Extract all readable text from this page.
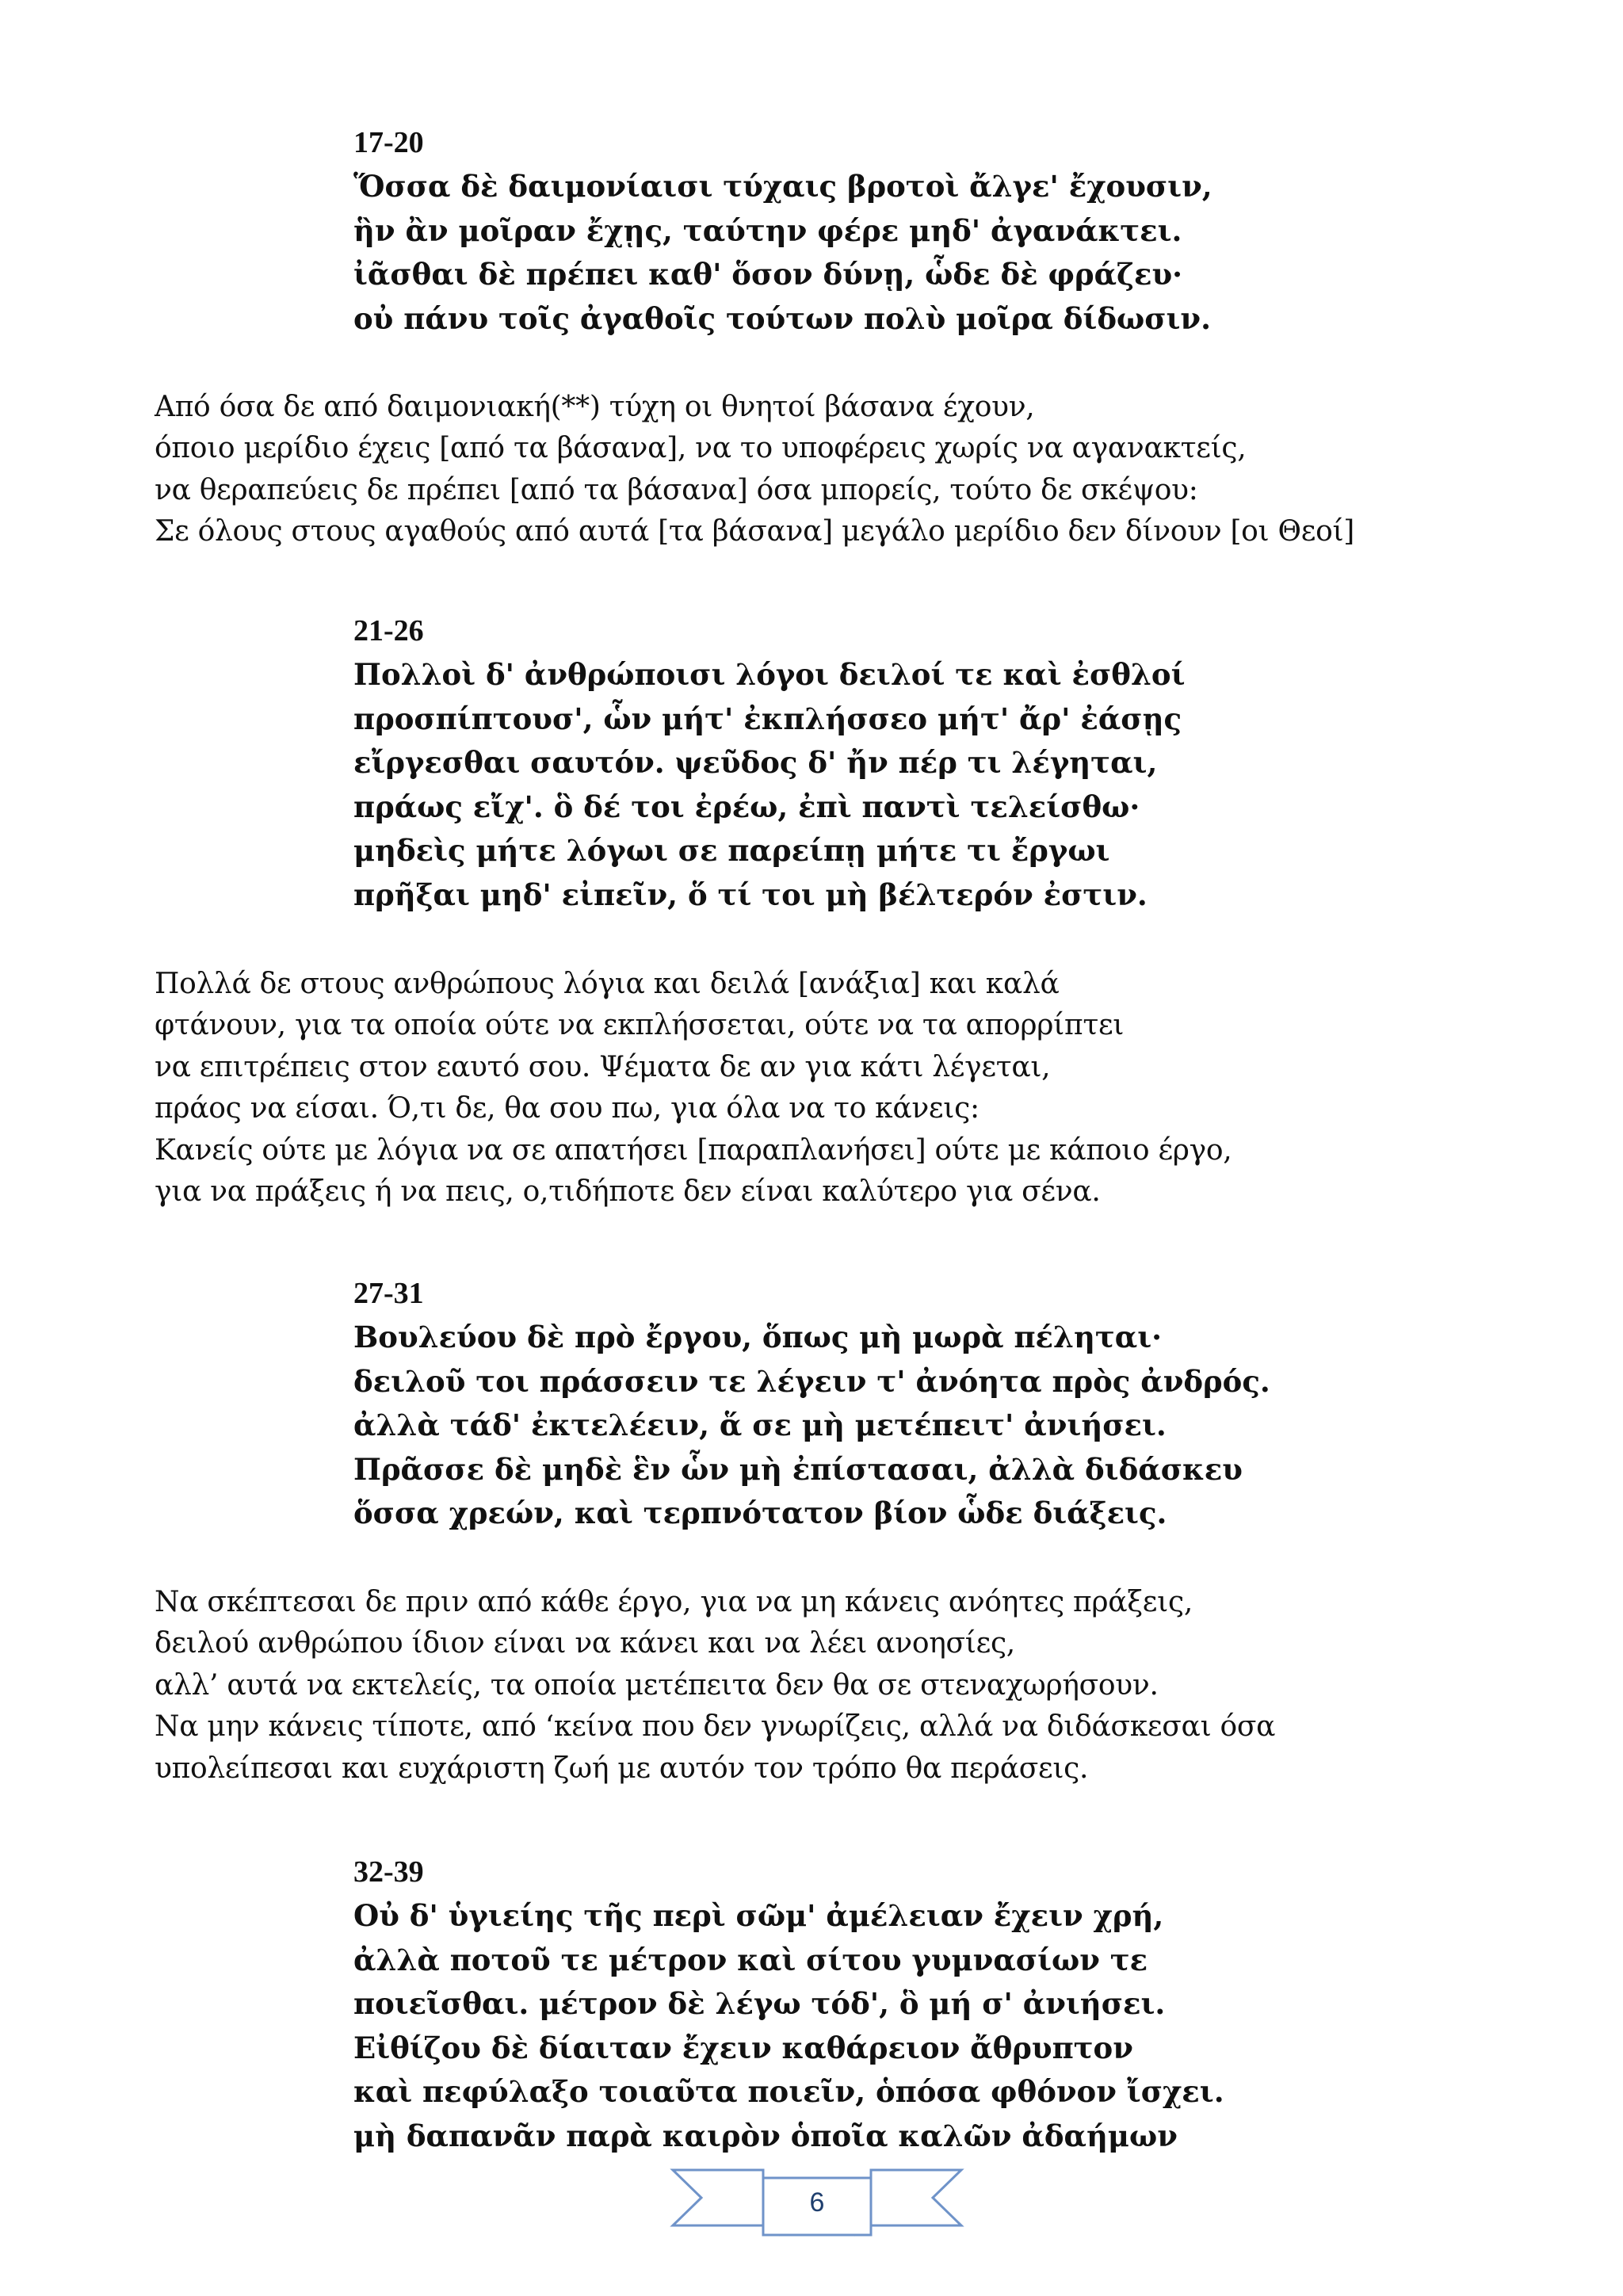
17-20
Ὅσσα δὲ δαιμονίαισι τύχαις βροτοὶ ἄλγε' ἔχουσιν,
ἣν ἂν μοῖραν ἔχῃς, ταύτην φέρε μηδ' ἀγανάκτει.
ἰᾶσθαι δὲ πρέπει καθ' ὅσον δύνῃ, ὧδε δὲ φράζευ·
οὐ πάνυ τοῖς ἀγαθοῖς τούτων πολὺ μοῖρα δίδωσιν.
Από όσα δε από δαιμονιακή(**) τύχη οι θνητοί βάσανα έχουν,
όποιο μερίδιο έχεις [από τα βάσανα], να το υποφέρεις χωρίς να αγανακτείς,
να θεραπεύεις δε πρέπει [από τα βάσανα] όσα μπορείς, τούτο δε σκέψου:
Σε όλους στους αγαθούς από αυτά [τα βάσανα] μεγάλο μερίδιο δεν δίνουν [οι Θεοί]
21-26
Πολλοὶ δ' ἀνθρώποισι λόγοι δειλοί τε καὶ ἐσθλοί
προσπίπτουσ', ὧν μήτ' ἐκπλήσσεο μήτ' ἄρ' ἐάσῃς
εἴργεσθαι σαυτόν. ψεῦδος δ' ἤν πέρ τι λέγηται,
πράως εἴχ'. ὃ δέ τοι ἐρέω, ἐπὶ παντὶ τελείσθω·
μηδεὶς μήτε λόγωι σε παρείπῃ μήτε τι ἔργωι
πρῆξαι μηδ' εἰπεῖν, ὅ τί τοι μὴ βέλτερόν ἐστιν.
Πολλά δε στους ανθρώπους λόγια και δειλά [ανάξια] και καλά
φτάνουν, για τα οποία ούτε να εκπλήσσεται, ούτε να τα απορρίπτει
να επιτρέπεις στον εαυτό σου. Ψέματα δε αν για κάτι λέγεται,
πράος να είσαι. Ό,τι δε, θα σου πω, για όλα να το κάνεις:
Κανείς ούτε με λόγια να σε απατήσει [παραπλανήσει] ούτε με κάποιο έργο,
για να πράξεις ή να πεις, ο,τιδήποτε δεν είναι καλύτερο για σένα.
27-31
Βουλεύου δὲ πρὸ ἔργου, ὅπως μὴ μωρὰ πέληται·
δειλοῦ τοι πράσσειν τε λέγειν τ' ἀνόητα πρὸς ἀνδρός.
ἀλλὰ τάδ' ἐκτελέειν, ἅ σε μὴ μετέπειτ' ἀνιήσει.
Πρᾶσσε δὲ μηδὲ ἓν ὧν μὴ ἐπίστασαι, ἀλλὰ διδάσκευ
ὅσσα χρεών, καὶ τερπνότατον βίον ὧδε διάξεις.
Να σκέπτεσαι δε πριν από κάθε έργο, για να μη κάνεις ανόητες πράξεις,
δειλού ανθρώπου ίδιον είναι να κάνει και να λέει ανοησίες,
αλλ’ αυτά να εκτελείς, τα οποία μετέπειτα δεν θα σε στεναχωρήσουν.
Να μην κάνεις τίποτε, από ‘κείνα που δεν γνωρίζεις, αλλά να διδάσκεσαι όσα
υπολείπεσαι και ευχάριστη ζωή με αυτόν τον τρόπο θα περάσεις.
32-39
Οὐ δ' ὑγιείης τῆς περὶ σῶμ' ἀμέλειαν ἔχειν χρή,
ἀλλὰ ποτοῦ τε μέτρον καὶ σίτου γυμνασίων τε
ποιεῖσθαι. μέτρον δὲ λέγω τόδ', ὃ μή σ' ἀνιήσει.
Εἰθίζου δὲ δίαιταν ἔχειν καθάρειον ἄθρυπτον
καὶ πεφύλαξο τοιαῦτα ποιεῖν, ὁπόσα φθόνον ἴσχει.
μὴ δαπανᾶν παρὰ καιρὸν ὁποῖα καλῶν ἀδαήμων
6
